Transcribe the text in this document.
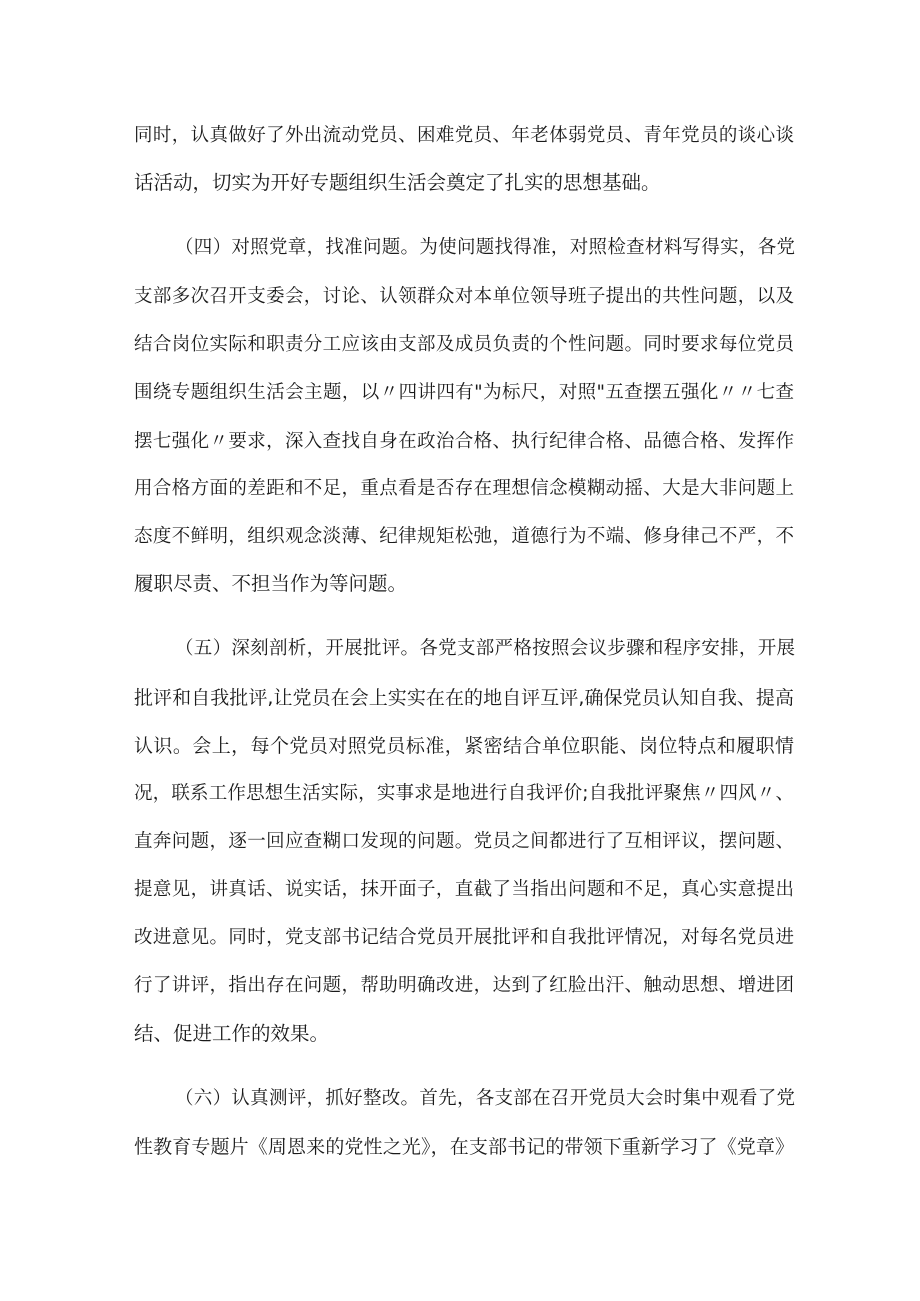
同时，认真做好了外出流动党员、困难党员、年老体弱党员、青年党员的谈心谈
话活动，切实为开好专题组织生活会奠定了扎实的思想基础。
（四）对照党章，找准问题。为使问题找得准，对照检查材料写得实，各党
支部多次召开支委会，讨论、认领群众对本单位领导班子提出的共性问题，以及
结合岗位实际和职责分工应该由支部及成员负责的个性问题。同时要求每位党员
围绕专题组织生活会主题，以〃四讲四有"为标尺，对照"五查摆五强化〃〃七查
摆七强化〃要求，深入查找自身在政治合格、执行纪律合格、品德合格、发挥作
用合格方面的差距和不足，重点看是否存在理想信念模糊动摇、大是大非问题上
态度不鲜明，组织观念淡薄、纪律规矩松弛，道德行为不端、修身律己不严，不
履职尽责、不担当作为等问题。
（五）深刻剖析，开展批评。各党支部严格按照会议步骤和程序安排，开展
批评和自我批评,让党员在会上实实在在的地自评互评,确保党员认知自我、提高
认识。会上，每个党员对照党员标准，紧密结合单位职能、岗位特点和履职情
况，联系工作思想生活实际，实事求是地进行自我评价;自我批评聚焦〃四风〃、
直奔问题，逐一回应查糊口发现的问题。党员之间都进行了互相评议，摆问题、
提意见，讲真话、说实话，抹开面子，直截了当指出问题和不足，真心实意提出
改进意见。同时，党支部书记结合党员开展批评和自我批评情况，对每名党员进
行了讲评，指出存在问题，帮助明确改进，达到了红脸出汗、触动思想、增进团
结、促进工作的效果。
（六）认真测评，抓好整改。首先，各支部在召开党员大会时集中观看了党
性教育专题片《周恩来的党性之光》，在支部书记的带领下重新学习了《党章》
